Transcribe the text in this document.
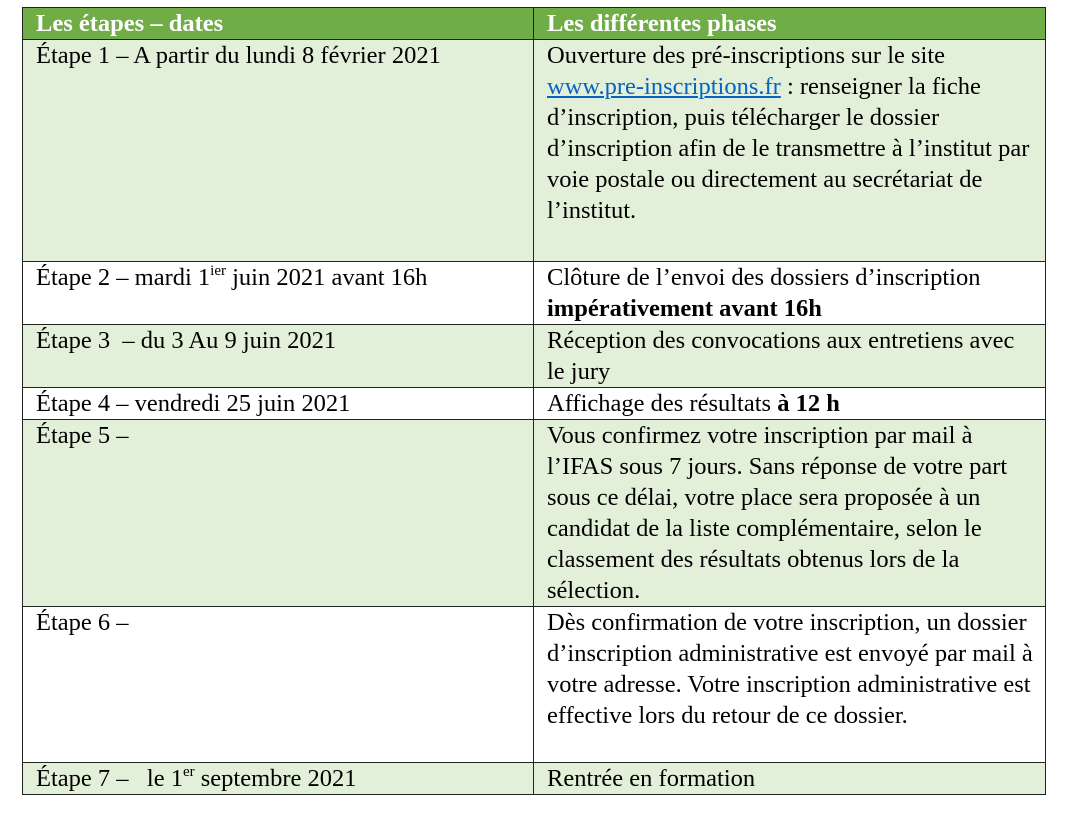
Les étapes – dates	Les différentes phases
Étape 1 – A partir du lundi 8 février 2021	Ouverture des pré-inscriptions sur le site www.pre-inscriptions.fr : renseigner la fiche d’inscription, puis télécharger le dossier d’inscription afin de le transmettre à l’institut par voie postale ou directement au secrétariat de l’institut.
Étape 2 – mardi $1^{ier}$ juin 2021 avant 16h	Clôture de l’envoi des dossiers d’inscription impérativement avant 16h
Étape 3  – du 3 Au 9 juin 2021	Réception des convocations aux entretiens avec le jury
Étape 4 – vendredi 25 juin 2021	Affichage des résultats à 12 h
Étape 5 –	Vous confirmez votre inscription par mail à l’IFAS sous 7 jours. Sans réponse de votre part sous ce délai, votre place sera proposée à un candidat de la liste complémentaire, selon le classement des résultats obtenus lors de la sélection.
Étape 6 –	Dès confirmation de votre inscription, un dossier d’inscription administrative est envoyé par mail à votre adresse. Votre inscription administrative est effective lors du retour de ce dossier.
Étape 7 –   le 1er septembre 2021	Rentrée en formation
